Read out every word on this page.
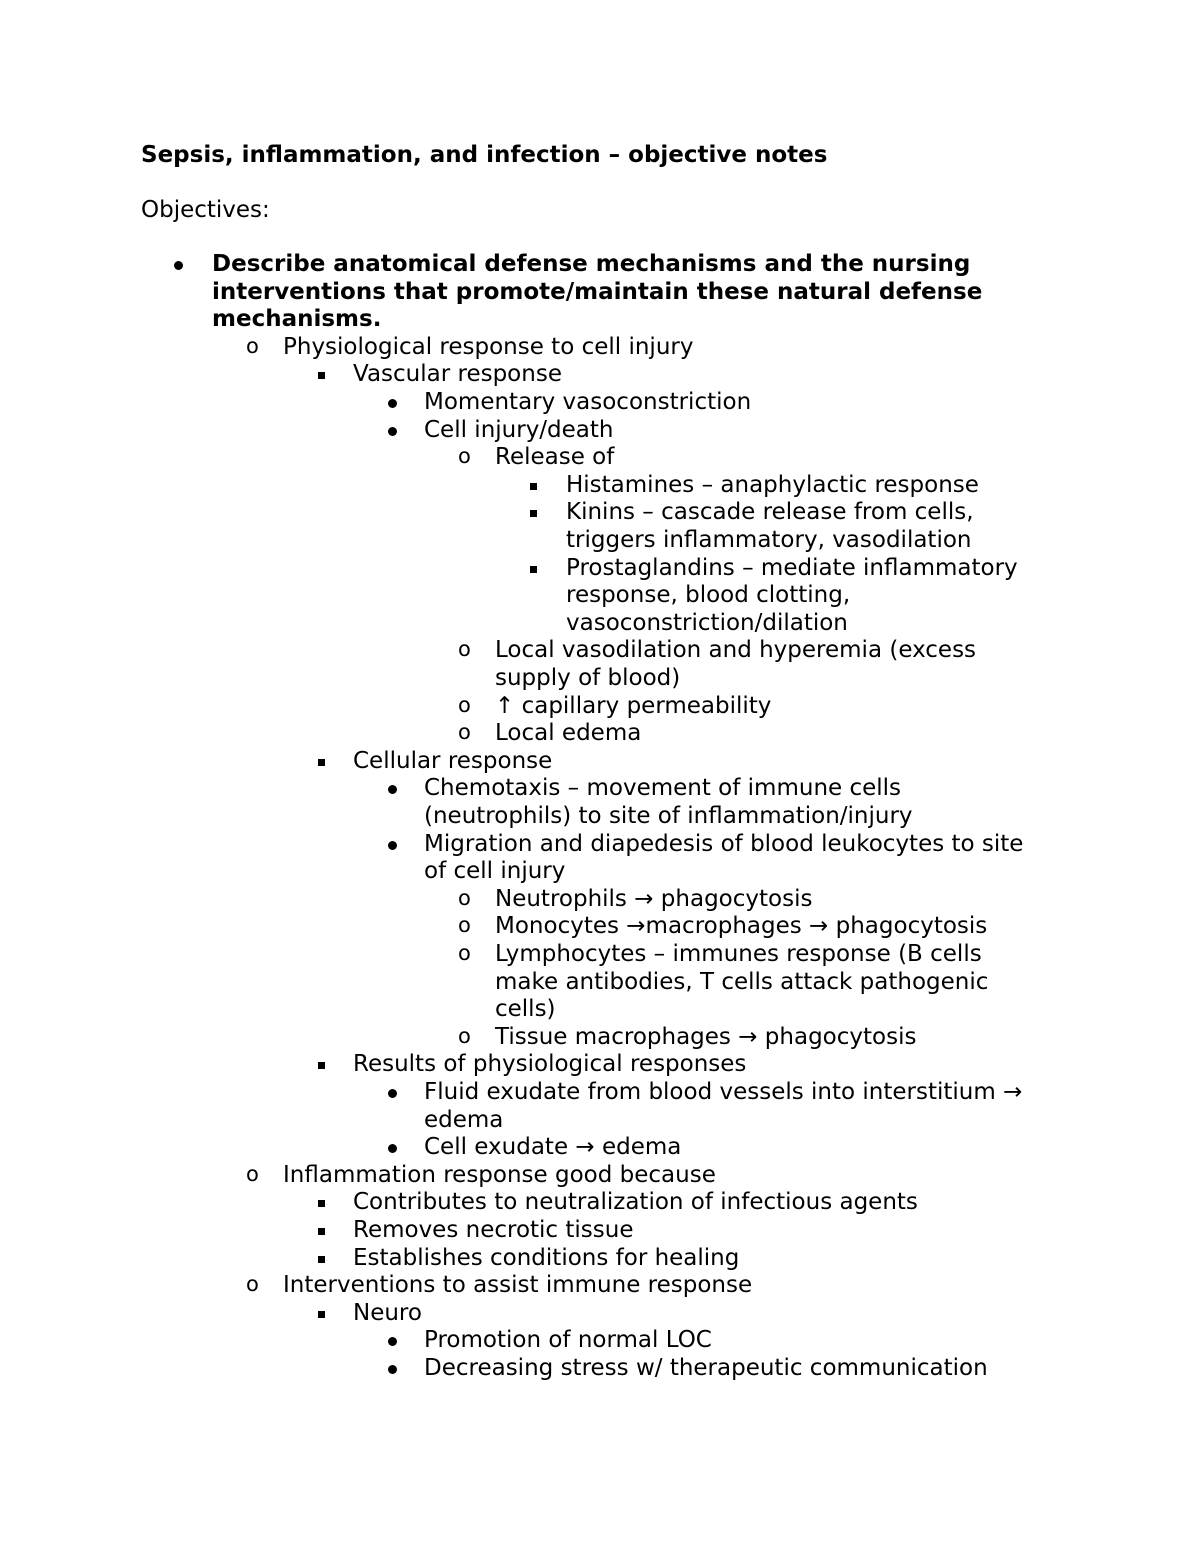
Sepsis, inflammation, and infection – objective notes
Objectives:
Describe anatomical defense mechanisms and the nursing
interventions that promote/maintain these natural defense
mechanisms.
o Physiological response to cell injury
Vascular response
Momentary vasoconstriction
Cell injury/death
o Release of
Histamines – anaphylactic response
Kinins – cascade release from cells,
triggers inflammatory, vasodilation
Prostaglandins – mediate inflammatory
response, blood clotting,
vasoconstriction/dilation
o Local vasodilation and hyperemia (excess
supply of blood)
o ↑ capillary permeability
o Local edema
Cellular response
Chemotaxis – movement of immune cells
(neutrophils) to site of inflammation/injury
Migration and diapedesis of blood leukocytes to site
of cell injury
o Neutrophils → phagocytosis
o Monocytes →macrophages → phagocytosis
o Lymphocytes – immunes response (B cells
make antibodies, T cells attack pathogenic
cells)
o Tissue macrophages → phagocytosis
Results of physiological responses
Fluid exudate from blood vessels into interstitium →
edema
Cell exudate → edema
o Inflammation response good because
Contributes to neutralization of infectious agents
Removes necrotic tissue
Establishes conditions for healing
o Interventions to assist immune response
Neuro
Promotion of normal LOC
Decreasing stress w/ therapeutic communication
